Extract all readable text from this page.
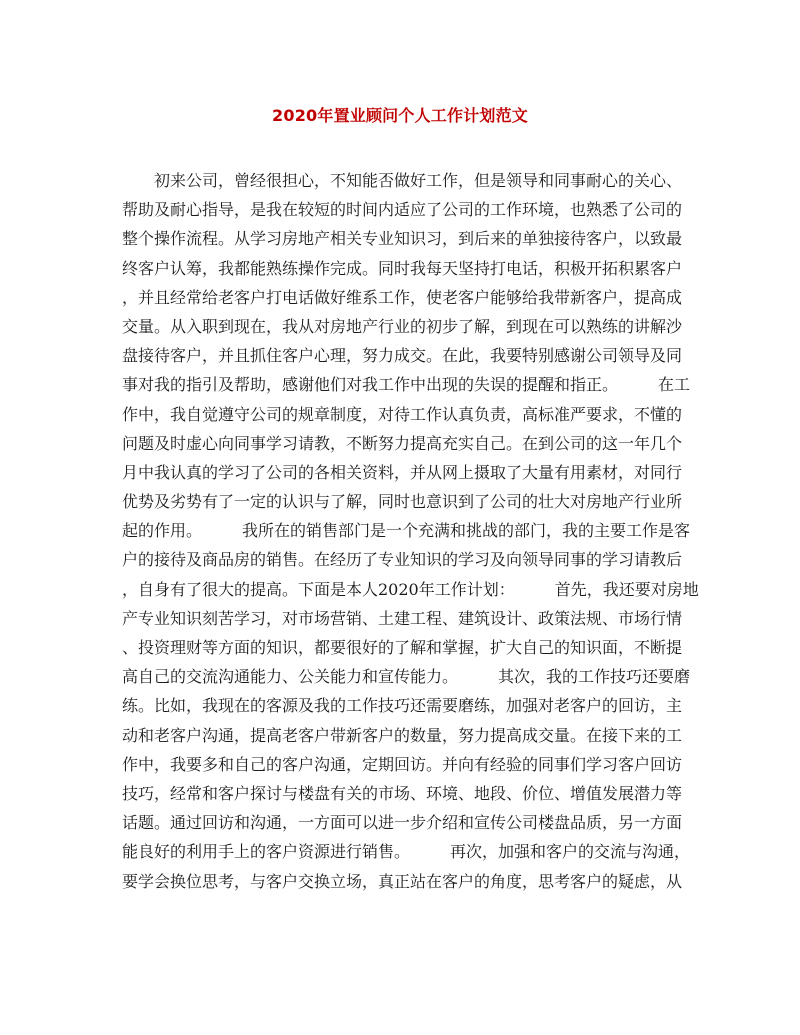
2020年置业顾问个人工作计划范文
初来公司，曾经很担心，不知能否做好工作，但是领导和同事耐心的关心、
帮助及耐心指导，是我在较短的时间内适应了公司的工作环境，也熟悉了公司的
整个操作流程。从学习房地产相关专业知识习，到后来的单独接待客户，以致最
终客户认筹，我都能熟练操作完成。同时我每天坚持打电话，积极开拓积累客户
，并且经常给老客户打电话做好维系工作，使老客户能够给我带新客户，提高成
交量。从入职到现在，我从对房地产行业的初步了解，到现在可以熟练的讲解沙
盘接待客户，并且抓住客户心理，努力成交。在此，我要特别感谢公司领导及同
事对我的指引及帮助，感谢他们对我工作中出现的失误的提醒和指正。　　　在工
作中，我自觉遵守公司的规章制度，对待工作认真负责，高标准严要求，不懂的
问题及时虚心向同事学习请教，不断努力提高充实自己。在到公司的这一年几个
月中我认真的学习了公司的各相关资料，并从网上摄取了大量有用素材，对同行
优势及劣势有了一定的认识与了解，同时也意识到了公司的壮大对房地产行业所
起的作用。　　　我所在的销售部门是一个充满和挑战的部门，我的主要工作是客
户的接待及商品房的销售。在经历了专业知识的学习及向领导同事的学习请教后
，自身有了很大的提高。下面是本人2020年工作计划：　　　首先，我还要对房地
产专业知识刻苦学习，对市场营销、土建工程、建筑设计、政策法规、市场行情
、投资理财等方面的知识，都要很好的了解和掌握，扩大自己的知识面，不断提
高自己的交流沟通能力、公关能力和宣传能力。　　　其次，我的工作技巧还要磨
练。比如，我现在的客源及我的工作技巧还需要磨练，加强对老客户的回访，主
动和老客户沟通，提高老客户带新客户的数量，努力提高成交量。在接下来的工
作中，我要多和自己的客户沟通，定期回访。并向有经验的同事们学习客户回访
技巧，经常和客户探讨与楼盘有关的市场、环境、地段、价位、增值发展潜力等
话题。通过回访和沟通，一方面可以进一步介绍和宣传公司楼盘品质，另一方面
能良好的利用手上的客户资源进行销售。　　　再次，加强和客户的交流与沟通，
要学会换位思考，与客户交换立场，真正站在客户的角度，思考客户的疑虑，从
